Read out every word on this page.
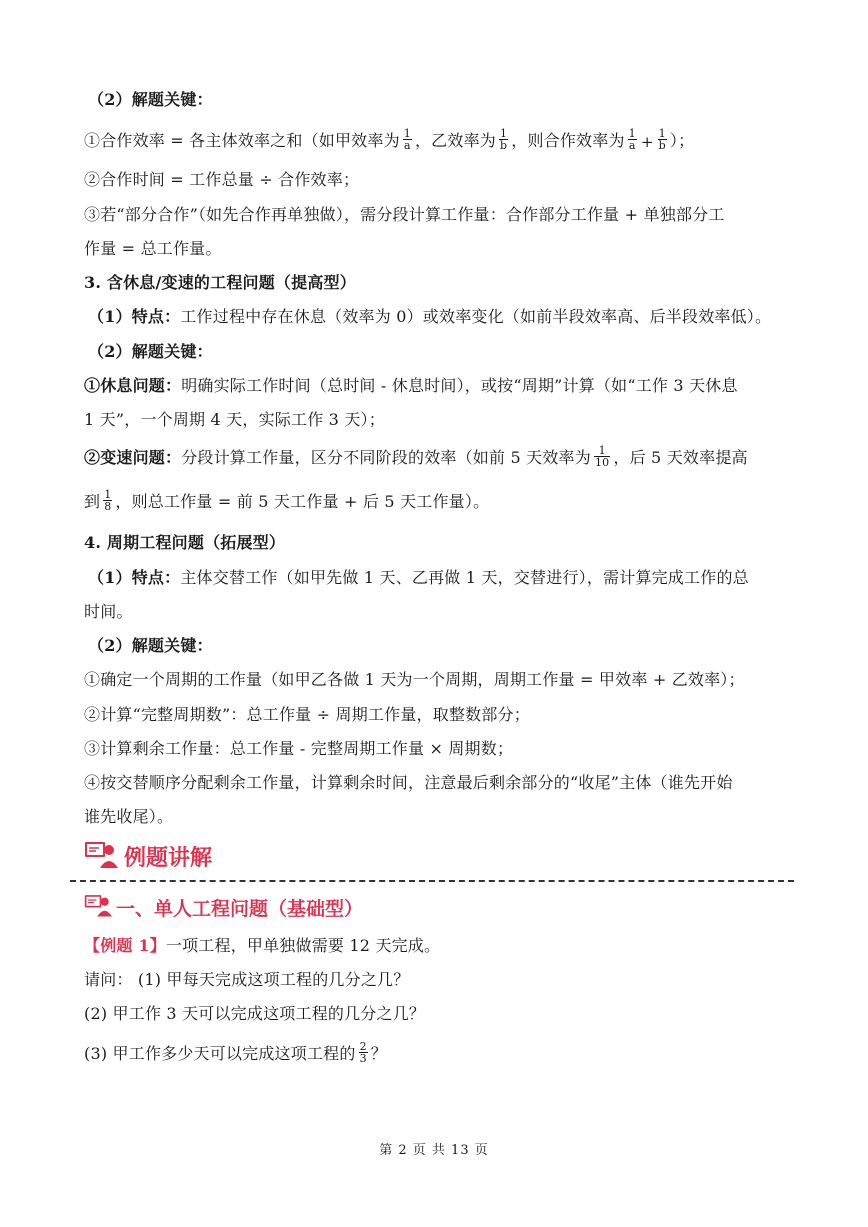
（2）解题关键：
①合作效率 = 各主体效率之和（如甲效率为 $\frac{1}{a}$ ，乙效率为 $\frac{1}{b}$ ，则合作效率为 $\frac{1}{a} + \frac{1}{b}$ ）；
②合作时间 = 工作总量 ÷ 合作效率；
③若“部分合作”（如先合作再单独做），需分段计算工作量：合作部分工作量 + 单独部分工
作量 = 总工作量。
3. 含休息/变速的工程问题（提高型）
（1）特点：工作过程中存在休息（效率为 0）或效率变化（如前半段效率高、后半段效率低）。
（2）解题关键：
①休息问题：明确实际工作时间（总时间 - 休息时间），或按“周期”计算（如“工作 3 天休息
1 天”，一个周期 4 天，实际工作 3 天）；
②变速问题：分段计算工作量，区分不同阶段的效率（如前 5 天效率为 $\frac{1}{10}$ ，后 5 天效率提高
到 $\frac{1}{8}$ ，则总工作量 = 前 5 天工作量 + 后 5 天工作量）。
4. 周期工程问题（拓展型）
（1）特点：主体交替工作（如甲先做 1 天、乙再做 1 天，交替进行），需计算完成工作的总
时间。
（2）解题关键：
①确定一个周期的工作量（如甲乙各做 1 天为一个周期，周期工作量 = 甲效率 + 乙效率）；
②计算“完整周期数”：总工作量 ÷ 周期工作量，取整数部分；
③计算剩余工作量：总工作量 - 完整周期工作量 × 周期数；
④按交替顺序分配剩余工作量，计算剩余时间，注意最后剩余部分的“收尾”主体（谁先开始
谁先收尾）。
例题讲解
一、单人工程问题（基础型）
【例题 1】一项工程，甲单独做需要 12 天完成。
请问： (1) 甲每天完成这项工程的几分之几？
(2) 甲工作 3 天可以完成这项工程的几分之几？
(3) 甲工作多少天可以完成这项工程的 $\frac{2}{3}$ ？
第 2 页 共 13 页
